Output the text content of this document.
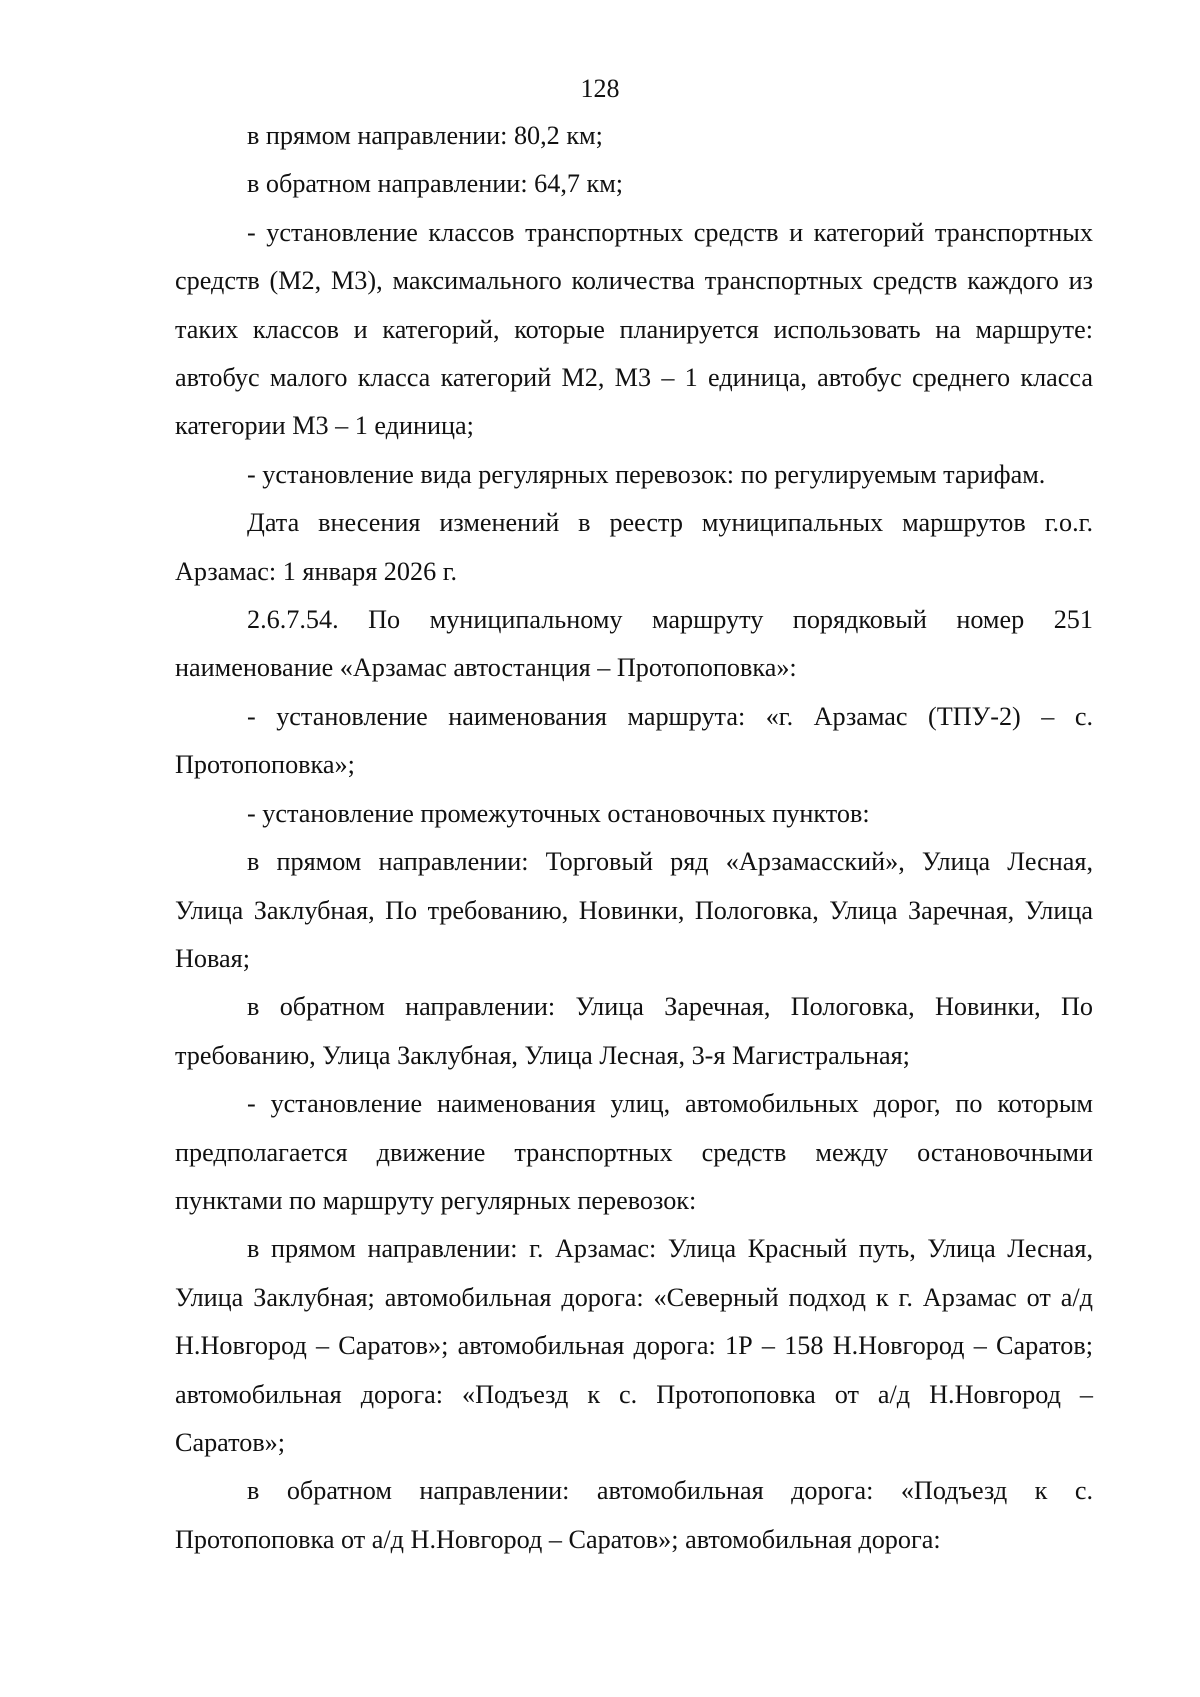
128

в прямом направлении: 80,2 км;

в обратном направлении: 64,7 км;

- установление классов транспортных средств и категорий транспортных средств (М2, М3), максимального количества транспортных средств каждого из таких классов и категорий, которые планируется использовать на маршруте: автобус малого класса категорий М2, М3 – 1 единица, автобус среднего класса категории М3 – 1 единица;

- установление вида регулярных перевозок: по регулируемым тарифам.

Дата внесения изменений в реестр муниципальных маршрутов г.о.г. Арзамас: 1 января 2026 г.

2.6.7.54. По муниципальному маршруту порядковый номер 251 наименование «Арзамас автостанция – Протопоповка»:

- установление наименования маршрута: «г. Арзамас (ТПУ-2) – с. Протопоповка»;

- установление промежуточных остановочных пунктов:

в прямом направлении: Торговый ряд «Арзамасский», Улица Лесная, Улица Заклубная, По требованию, Новинки, Пологовка, Улица Заречная, Улица Новая;

в обратном направлении: Улица Заречная, Пологовка, Новинки, По требованию, Улица Заклубная, Улица Лесная, 3-я Магистральная;

- установление наименования улиц, автомобильных дорог, по которым предполагается движение транспортных средств между остановочными пунктами по маршруту регулярных перевозок:

в прямом направлении: г. Арзамас: Улица Красный путь, Улица Лесная, Улица Заклубная; автомобильная дорога: «Северный подход к г. Арзамас от а/д Н.Новгород – Саратов»; автомобильная дорога: 1Р – 158 Н.Новгород – Саратов; автомобильная дорога: «Подъезд к с. Протопоповка от а/д Н.Новгород – Саратов»;

в обратном направлении: автомобильная дорога: «Подъезд к с. Протопоповка от а/д Н.Новгород – Саратов»; автомобильная дорога:
